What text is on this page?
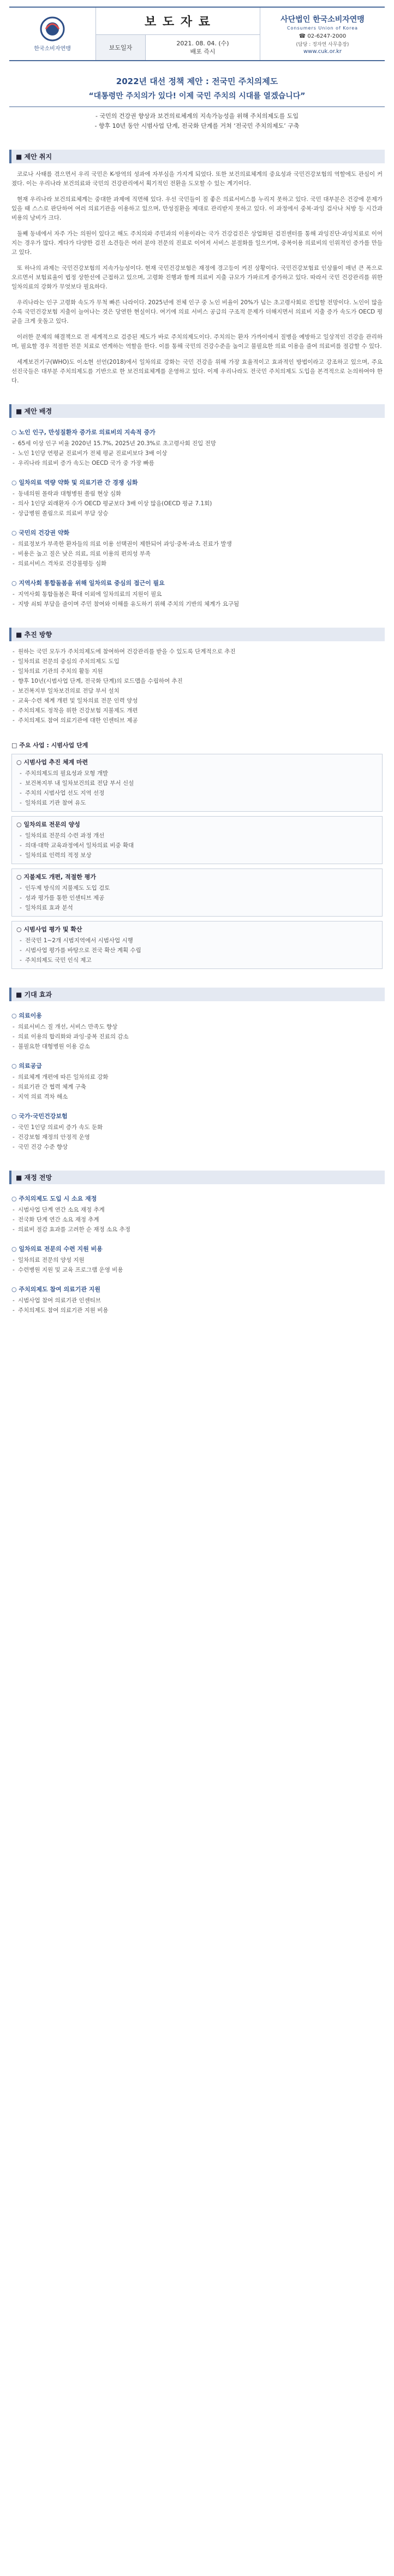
한국소비자연맹
보 도 자 료
보도일자
2021. 08. 04. (수)
배포 즉시
사단법인 한국소비자연맹
Consumers Union of Korea
☎ 02-6247-2000
(담당 : 정자연 사무총장)
www.cuk.or.kr
2022년 대선 정책 제안 : 전국민 주치의제도
“대통령만 주치의가 있다! 이제 국민 주치의 시대를 열겠습니다”
- 국민의 건강권 향상과 보건의료체계의 지속가능성을 위해 주치의제도를 도입
- 향후 10년 동안 시범사업 단계, 전국화 단계를 거쳐 ‘전국민 주치의제도’ 구축
■ 제안 취지

코로나 사태를 겪으면서 우리 국민은 K-방역의 성과에 자부심을 가지게 되었다. 또한 보건의료체계의 중요성과 국민건강보험의 역할에도 관심이 커졌다. 이는 우리나라 보건의료와 국민의 건강관리에서 획기적인 전환을 도모할 수 있는 계기이다.

현재 우리나라 보건의료체계는 중대한 과제에 직면해 있다. 우선 국민들이 질 좋은 의료서비스를 누리지 못하고 있다. 국민 대부분은 건강에 문제가 있을 때 스스로 판단하여 여러 의료기관을 이용하고 있으며, 만성질환을 제대로 관리받지 못하고 있다. 이 과정에서 중복·과잉 검사나 처방 등 시간과 비용의 낭비가 크다.

둘째 동네에서 자주 가는 의원이 있다고 해도 주치의와 주민과의 이용이라는 국가 건강검진은 상업화된 검진센터를 통해 과잉진단·과잉치료로 이어지는 경우가 많다. 게다가 다양한 검진 소견들은 여러 분야 전문의 진료로 이어져 서비스 분절화를 일으키며, 중복이용 의료비의 인위적인 증가를 만들고 있다.

또 하나의 과제는 국민건강보험의 지속가능성이다. 현재 국민건강보험은 재정에 경고등이 켜진 상황이다. 국민건강보험료 인상률이 매년 큰 폭으로 오르면서 보험료율이 법정 상한선에 근접하고 있으며, 고령화 진행과 함께 의료비 지출 규모가 가파르게 증가하고 있다. 따라서 국민 건강관리를 위한 일차의료의 강화가 무엇보다 필요하다.

우리나라는 인구 고령화 속도가 무척 빠른 나라이다. 2025년에 전체 인구 중 노인 비율이 20%가 넘는 초고령사회로 진입할 전망이다. 노인이 많을수록 국민건강보험 지출이 늘어나는 것은 당연한 현실이다. 여기에 의료 서비스 공급의 구조적 문제가 더해지면서 의료비 지출 증가 속도가 OECD 평균을 크게 웃돌고 있다.

이러한 문제의 해결책으로 전 세계적으로 검증된 제도가 바로 주치의제도이다. 주치의는 환자 가까이에서 질병을 예방하고 일상적인 건강을 관리하며, 필요할 경우 적절한 전문 치료로 연계하는 역할을 한다. 이를 통해 국민의 건강수준을 높이고 불필요한 의료 이용을 줄여 의료비를 절감할 수 있다.

세계보건기구(WHO)도 이소현 선언(2018)에서 일차의료 강화는 국민 건강을 위해 가장 효율적이고 효과적인 방법이라고 강조하고 있으며, 주요 선진국들은 대부분 주치의제도를 기반으로 한 보건의료체계를 운영하고 있다. 이제 우리나라도 전국민 주치의제도 도입을 본격적으로 논의하여야 한다.

■ 제안 배경
○ 노인 인구, 만성질환자 증가로 의료비의 지속적 증가
- 65세 이상 인구 비율 2020년 15.7%, 2025년 20.3%로 초고령사회 진입 전망
- 노인 1인당 연평균 진료비가 전체 평균 진료비보다 3배 이상
- 우리나라 의료비 증가 속도는 OECD 국가 중 가장 빠름
○ 일차의료 역량 약화 및 의료기관 간 경쟁 심화
- 동네의원 몰락과 대형병원 쏠림 현상 심화
- 의사 1인당 외래환자 수가 OECD 평균보다 3배 이상 많음(OECD 평균 7.1회)
- 상급병원 쏠림으로 의료비 부담 상승
○ 국민의 건강권 약화
- 의료정보가 부족한 환자들의 의료 이용 선택권이 제한되어 과잉·중복·과소 진료가 발생
- 비용은 높고 질은 낮은 의료, 의료 이용의 편의성 부족
- 의료서비스 격차로 건강불평등 심화
○ 지역사회 통합돌봄을 위해 일차의료 중심의 접근이 필요
- 지역사회 통합돌봄은 확대 이외에 일차의료의 지원이 필요
- 지방 쇠퇴 부담을 줄이며 주민 참여와 이해를 유도하기 위해 주치의 기반의 체계가 요구됨
■ 추진 방향
- 원하는 국민 모두가 주치의제도에 참여하여 건강관리를 받을 수 있도록 단계적으로 추진
- 일차의료 전문의 중심의 주치의제도 도입
- 일차의료 기관의 주치의 활동 지원
- 향후 10년(시범사업 단계, 전국화 단계)의 로드맵을 수립하여 추진
- 보건복지부 일차보건의료 전담 부서 설치
- 교육·수련 체계 개편 및 일차의료 전문 인력 양성
- 주치의제도 정착을 위한 건강보험 지불제도 개편
- 주치의제도 참여 의료기관에 대한 인센티브 제공
□ 주요 사업 : 시범사업 단계
○ 시범사업 추진 체계 마련
- 주치의제도의 필요성과 모형 개발
- 보건복지부 내 일차보건의료 전담 부서 신설
- 주치의 시범사업 선도 지역 선정
- 일차의료 기관 참여 유도
○ 일차의료 전문의 양성
- 일차의료 전문의 수련 과정 개선
- 의대·대학 교육과정에서 일차의료 비중 확대
- 일차의료 인력의 적정 보상
○ 지불제도 개편, 적절한 평가
- 인두제 방식의 지불제도 도입 검토
- 성과 평가를 통한 인센티브 제공
- 일차의료 효과 분석
○ 시범사업 평가 및 확산
- 전국민 1~2개 시범지역에서 시범사업 시행
- 시범사업 평가를 바탕으로 전국 확산 계획 수립
- 주치의제도 국민 인식 제고
■ 기대 효과
○ 의료이용
- 의료서비스 질 개선, 서비스 만족도 향상
- 의료 이용의 합리화와 과잉·중복 진료의 감소
- 불필요한 대형병원 이용 감소
○ 의료공급
- 의료체계 개편에 따른 일차의료 강화
- 의료기관 간 협력 체계 구축
- 지역 의료 격차 해소
○ 국가·국민건강보험
- 국민 1인당 의료비 증가 속도 둔화
- 건강보험 재정의 안정적 운영
- 국민 건강 수준 향상
■ 재정 전망
○ 주치의제도 도입 시 소요 재정
- 시범사업 단계 연간 소요 재정 추계
- 전국화 단계 연간 소요 재정 추계
- 의료비 절감 효과를 고려한 순 재정 소요 추정
○ 일차의료 전문의 수련 지원 비용
- 일차의료 전문의 양성 지원
- 수련병원 지원 및 교육 프로그램 운영 비용
○ 주치의제도 참여 의료기관 지원
- 시범사업 참여 의료기관 인센티브
- 주치의제도 참여 의료기관 지원 비용
